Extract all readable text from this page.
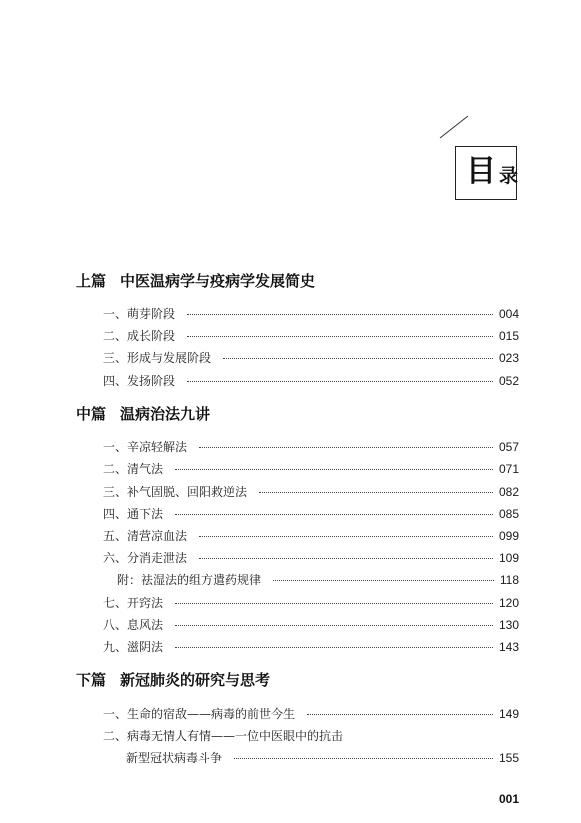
目 录
上篇 中医温病学与疫病学发展简史
一、萌芽阶段	004
二、成长阶段	015
三、形成与发展阶段	023
四、发扬阶段	052
中篇 温病治法九讲
一、辛凉轻解法	057
二、清气法	071
三、补气固脱、回阳救逆法	082
四、通下法	085
五、清营凉血法	099
六、分消走泄法	109
附：祛湿法的组方遣药规律	118
七、开窍法	120
八、息风法	130
九、滋阴法	143
下篇 新冠肺炎的研究与思考
一、生命的宿敌——病毒的前世今生	149
二、病毒无情人有情——一位中医眼中的抗击
新型冠状病毒斗争	155
001
